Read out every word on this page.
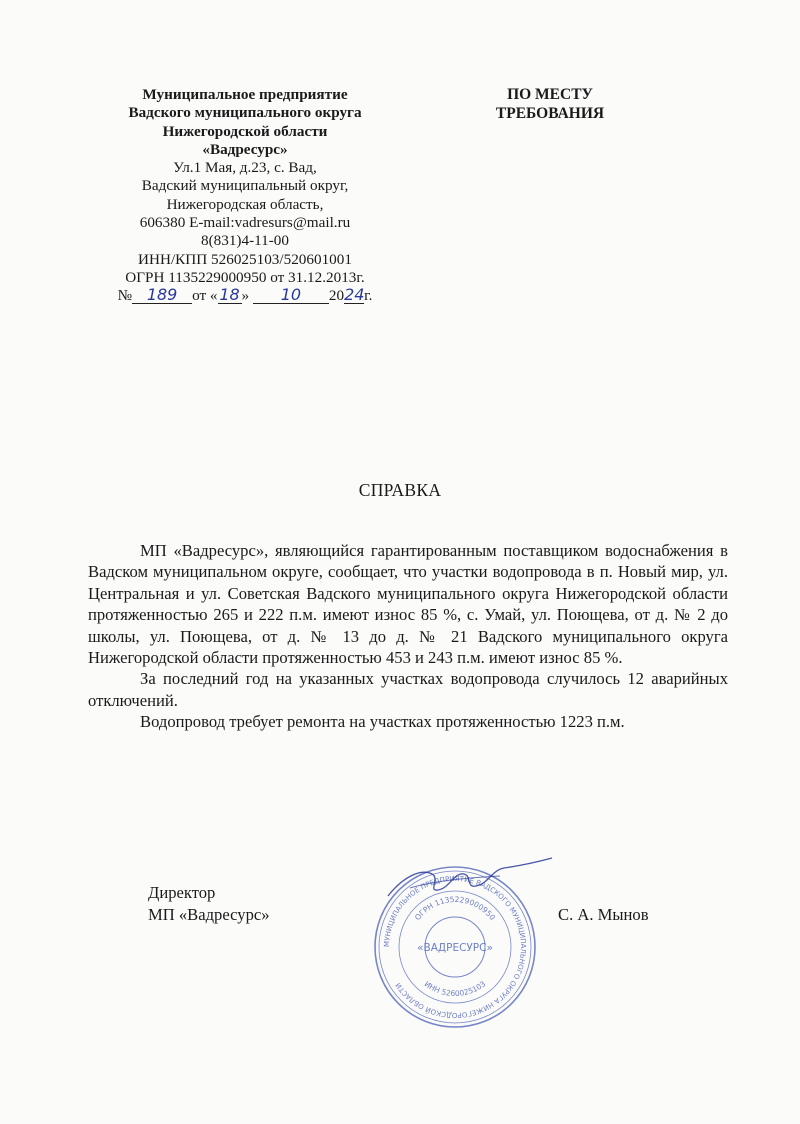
Муниципальное предприятие
Вадского муниципального округа
Нижегородской области
«Вадресурс»
Ул.1 Мая, д.23, с. Вад,
Вадский муниципальный округ,
Нижегородская область,
606380 E-mail:vadresurs@mail.ru
8(831)4-11-00
ИНН/КПП 526025103/520601001
ОГРН 1135229000950 от 31.12.2013г.
№ 189 от « 18 » 10 2024г.
ПО МЕСТУ
ТРЕБОВАНИЯ
СПРАВКА

МП «Вадресурс», являющийся гарантированным поставщиком водоснабжения в Вадском муниципальном округе, сообщает, что участки водопровода в п. Новый мир, ул. Центральная и ул. Советская Вадского муниципального округа Нижегородской области протяженностью 265 и 222 п.м. имеют износ 85 %, с. Умай, ул. Поющева, от д. № 2 до школы, ул. Поющева, от д. № 13 до д. № 21 Вадского муниципального округа Нижегородской области протяженностью 453 и 243 п.м. имеют износ 85 %.

За последний год на указанных участках водопровода случилось 12 аварийных отключений.

Водопровод требует ремонта на участках протяженностью 1223 п.м.

Директор
МП «Вадресурс»
МУНИЦИПАЛЬНОЕ ПРЕДПРИЯТИЕ ВАДСКОГО МУНИЦИПАЛЬНОГО ОКРУГА НИЖЕГОРОДСКОЙ ОБЛАСТИ
ОГРН 1135229000950
ИНН 5260025103
«ВАДРЕСУРС»
С. А. Мынов
